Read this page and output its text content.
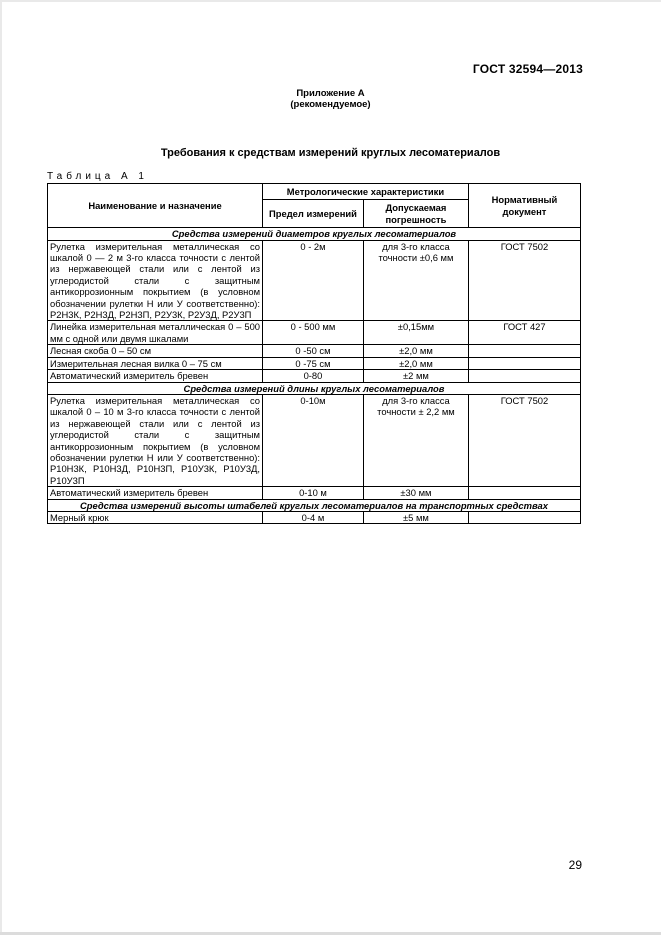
ГОСТ 32594—2013
Приложение А
(рекомендуемое)
Требования к средствам измерений круглых лесоматериалов
Таблица А 1
Наименование и назначение	Метрологические характеристики		Нормативный документ
	Предел измерений	Допускаемая погрешность	
Средства измерений диаметров круглых лесоматериалов			
Рулетка измерительная металлическая со шкалой 0 — 2 м 3-го класса точности с лентой из нержавеющей стали или с лентой из углеродистой стали с защитным антикоррозионным покрытием (в условном обозначении рулетки Н или У соответственно): Р2Н3К, Р2Н3Д, Р2Н3П, Р2У3К, Р2У3Д, Р2У3П	0 - 2м	для 3-го класса точности ±0,6 мм	ГОСТ 7502
Линейка измерительная металлическая 0 – 500 мм с одной или двумя шкалами	0 - 500 мм	±0,15мм	ГОСТ 427
Лесная скоба 0 – 50 см	0 -50 см	±2,0 мм	
Измерительная лесная вилка 0 – 75 см	0 -75 см	±2,0 мм	
Автоматический измеритель бревен	0-80	±2 мм	
Средства измерений длины круглых лесоматериалов			
Рулетка измерительная металлическая со шкалой 0 – 10 м 3-го класса точности с лентой из нержавеющей стали или с лентой из углеродистой стали с защитным антикоррозионным покрытием (в условном обозначении рулетки Н или У соответственно): Р10Н3К, Р10Н3Д, Р10Н3П, Р10У3К, Р10У3Д, Р10У3П	0-10м	для 3-го класса точности ± 2,2 мм	ГОСТ 7502
Автоматический измеритель бревен	0-10 м	±30 мм	
Средства измерений высоты штабелей круглых лесоматериалов на транспортных средствах			
Мерный крюк	0-4 м	±5 мм	
29
